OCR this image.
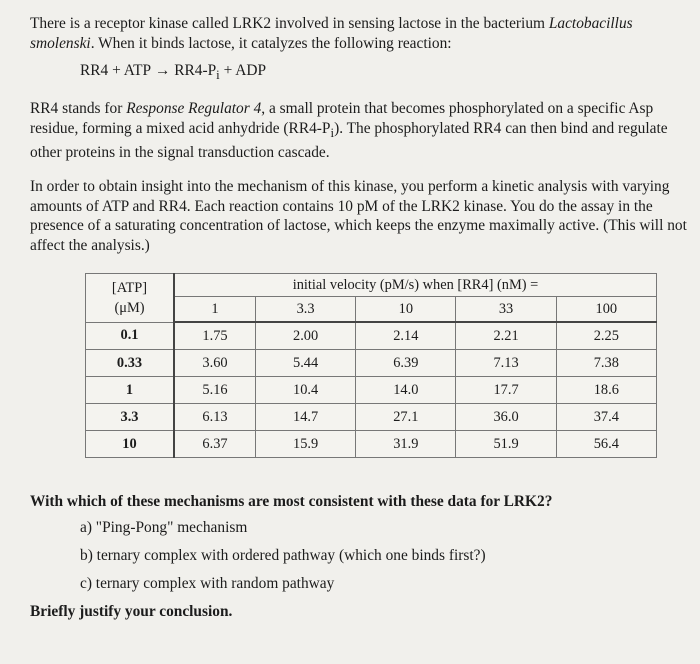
There is a receptor kinase called LRK2 involved in sensing lactose in the bacterium Lactobacillus smolenski. When it binds lactose, it catalyzes the following reaction:

RR4 + ATP → $RR4-P_i$ + ADP

RR4 stands for Response Regulator 4, a small protein that becomes phosphorylated on a specific Asp residue, forming a mixed acid anhydride $(RR4-P_i)$. The phosphorylated RR4 can then bind and regulate other proteins in the signal transduction cascade.

In order to obtain insight into the mechanism of this kinase, you perform a kinetic analysis with varying amounts of ATP and RR4. Each reaction contains 10 pM of the LRK2 kinase. You do the assay in the presence of a saturating concentration of lactose, which keeps the enzyme maximally active. (This will not affect the analysis.)

[ATP]
(μM)	initial velocity (pM/s) when [RR4] (nM) =				
	1	3.3	10	33	100
0.1	1.75	2.00	2.14	2.21	2.25
0.33	3.60	5.44	6.39	7.13	7.38
1	5.16	10.4	14.0	17.7	18.6
3.3	6.13	14.7	27.1	36.0	37.4
10	6.37	15.9	31.9	51.9	56.4

With which of these mechanisms are most consistent with these data for LRK2?

a) "Ping-Pong" mechanism

b) ternary complex with ordered pathway (which one binds first?)

c) ternary complex with random pathway

Briefly justify your conclusion.
